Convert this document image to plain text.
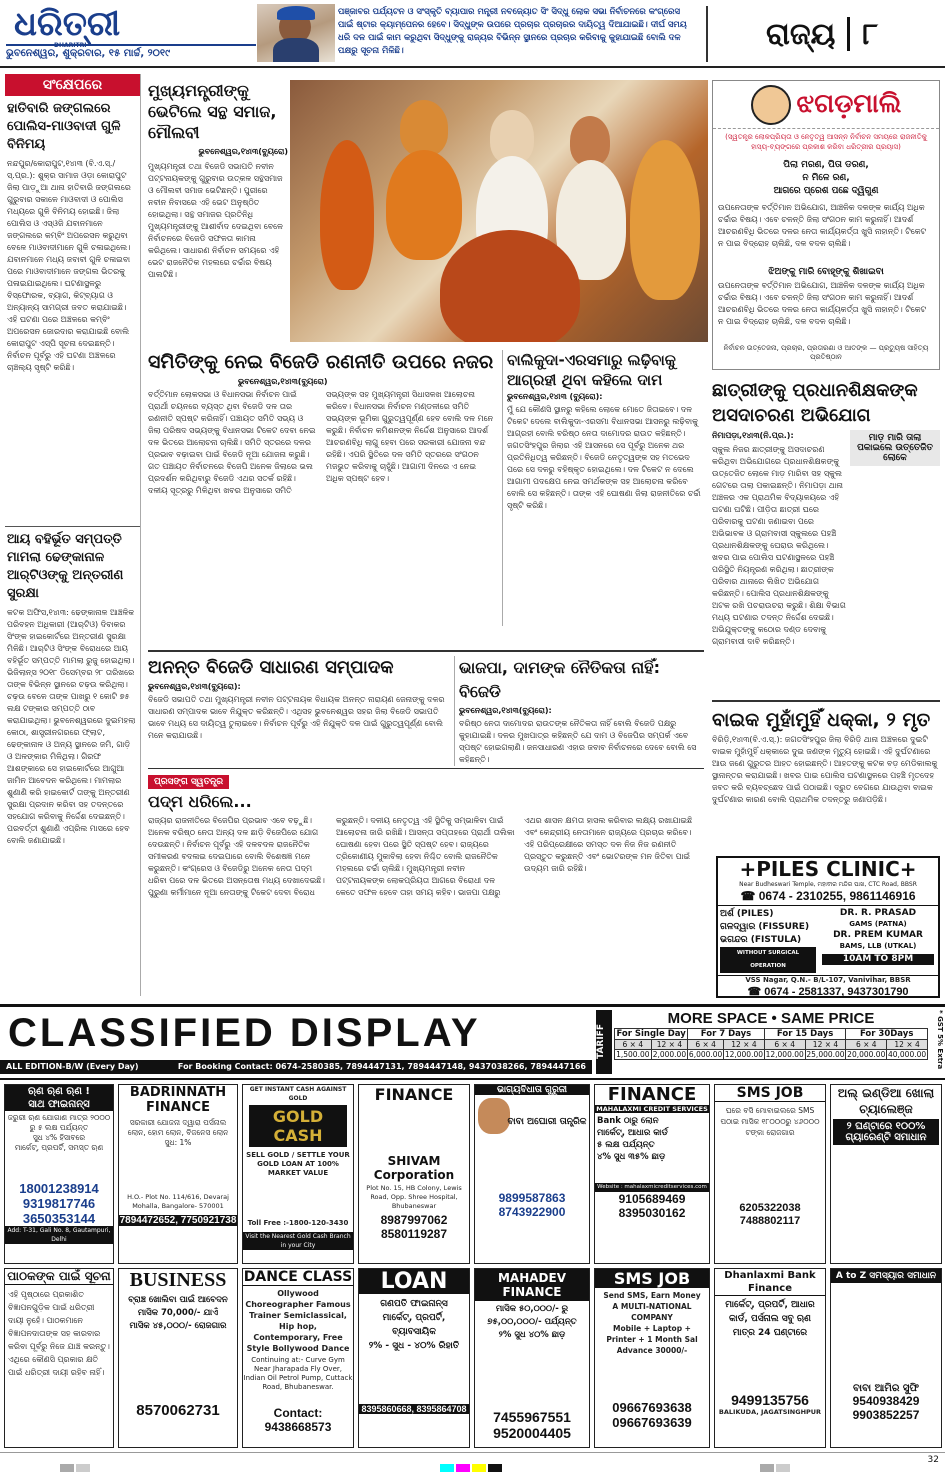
ଧରିତ୍ରୀ
DHARITRI
ଭୁବନେଶ୍ୱର, ଶୁକ୍ରବାର, ୧୫ ମାର୍ଚ୍ଚ, ୨୦୧୯
ପଞ୍ଜାବର ପର୍ଯ୍ୟଟନ ଓ ସଂସ୍କୃତି ବ୍ୟାପାର ମନ୍ତ୍ରୀ ନବଜ୍ୟୋତ ସିଂ ସିଦ୍ଧୁ ଲୋକ ସଭା ନିର୍ବାଚନରେ କଂଗ୍ରେସ ପାଇଁ ଷ୍ଟାର କ୍ୟାମ୍ପେନର ହେବେ। ସିଦ୍ଧୁଙ୍କ ଉପରେ ପ୍ରଚାର ପ୍ରଚାରର ଦାୟିତ୍ୱ ଦିଆଯାଇଛି। ଦୀର୍ଘ ସମୟ ଧରି ଦଳ ପାଇଁ କାମ କରୁଥିବା ସିଦ୍ଧୁଙ୍କୁ ରାଜ୍ୟର ବିଭିନ୍ନ ସ୍ଥାନରେ ପ୍ରଚାର କରିବାକୁ କୁହାଯାଇଛି ବୋଲି ଦଳ ପକ୍ଷରୁ ସୂଚନା ମିଳିଛି।	ରାଜ୍ୟ ୮
ସଂକ୍ଷେପରେ
ହାତିବାରି ଜଙ୍ଗଲରେ ପୋଲିସ-ମାଓବାଦୀ ଗୁଳି ବିନିମୟ
ନନ୍ଦପୁର/କୋରାପୁଟ,୧୪ା୩ (ବି.ଏ.ସ୍./ସ୍.ପ୍ର.): ଶୁକ୍ର ସାମାଜ ଓଡ଼ା କୋରାପୁଟ ଜିଲା ପାଡ଼ୁଆ ଥାନା ହାତିବାରି ଜଙ୍ଗଲରେ ଗୁରୁବାର ସକାଳେ ମାଓବାଦୀ ଓ ପୋଲିସ ମଧ୍ୟରେ ଗୁଳି ବିନିମୟ ହୋଇଛି। ଜିଲା ପୋଲିସ ଓ ଏସ୍‌ଓଜି ଯବାନମାନେ ଜଙ୍ଗଲରେ କମ୍ବିଂ ଅପରେସନ କରୁଥିବା ବେଳେ ମାଓବାଦୀମାନେ ଗୁଳି ଚଳାଇଥିଲେ। ଯବାନମାନେ ମଧ୍ୟ ଜବାବୀ ଗୁଳି ଚଳାଇବା ପରେ ମାଓବାଦୀମାନେ ଜଙ୍ଗଲ ଭିତରକୁ ପଳାଇଯାଇଥିଲେ। ଘଟଣାସ୍ଥଳରୁ ବିସ୍ଫୋରକ, ବ୍ୟାଗ, କିଟ୍‌ବ୍ୟାଗ ଓ ଅନ୍ୟାନ୍ୟ ସାମଗ୍ରୀ ଜବତ କରାଯାଇଛି। ଏହି ଘଟଣା ପରେ ଅଞ୍ଚଳରେ କମ୍ବିଂ ଅପରେସନ ଜୋରଦାର କରାଯାଇଛି ବୋଲି କୋରାପୁଟ ଏସ୍‌ପି ସୂଚନା ଦେଇଛନ୍ତି। ନିର୍ବାଚନ ପୂର୍ବରୁ ଏହି ଘଟଣା ଅଞ୍ଚଳରେ ଚାଞ୍ଚଲ୍ୟ ସୃଷ୍ଟି କରିଛି।
ଆୟ ବହିର୍ଭୂତ ସମ୍ପତ୍ତି ମାମଲା ଢେଙ୍କାନାଳ ଆର୍‌ଟିଓଙ୍କୁ ଅନ୍ତରୀଣ ସୁରକ୍ଷା
କଟକ ଅଫିସ,୧୪ା୩: ଢେଙ୍କାନାଳ ଆଞ୍ଚଳିକ ପରିବହନ ଅଧିକାରୀ (ଆର୍‌ଟିଓ) ଦିବାକର ସିଂଙ୍କ ହାଇକୋର୍ଟରେ ଅନ୍ତରୀଣ ସୁରକ୍ଷା ମିଳିଛି। ଆର୍‌ଟିଓ ସିଂଙ୍କ ବିରୋଧରେ ଆୟ ବହିର୍ଭୂତ ସମ୍ପତ୍ତି ମାମଲା ରୁଜୁ ହୋଇଥିଲା। ଭିଜିଲାନ୍ସ ୨୦୧୮ ଡିସେମ୍ବର ୨୮ ତାରିଖରେ ତାଙ୍କ ବିଭିନ୍ନ ସ୍ଥାନରେ ଚଢ଼ଉ କରିଥିଲା। ଚଢ଼ଉ ବେଳେ ତାଙ୍କ ପାଖରୁ ୧ କୋଟି ୭୫ ଲକ୍ଷ ଟଙ୍କାର ସମ୍ପତ୍ତି ଠାବ କରାଯାଇଥିଲା। ଭୁବନେଶ୍ୱରରେ ଦୁଇମହଲା କୋଠା, ଶାସ୍ତ୍ରୀନଗରରେ ଫ୍ଲାଟ, ଢେଙ୍କାନାଳ ଓ ଅନ୍ୟ ସ୍ଥାନରେ ଜମି, ଗାଡ଼ି ଓ ଅଳଙ୍କାର ମିଳିଥିଲା। ଗିରଫ ଆଶଙ୍କାରେ ସେ ହାଇକୋର୍ଟରେ ଆଗୁଆ ଜାମିନ ଆବେଦନ କରିଥିଲେ। ମାମଲାର ଶୁଣାଣି କରି ହାଇକୋର୍ଟ ତାଙ୍କୁ ଅନ୍ତରୀଣ ସୁରକ୍ଷା ପ୍ରଦାନ କରିବା ସହ ତଦନ୍ତରେ ସହଯୋଗ କରିବାକୁ ନିର୍ଦ୍ଦେଶ ଦେଇଛନ୍ତି। ପରବର୍ତ୍ତୀ ଶୁଣାଣି ଏପ୍ରିଲ ମାସରେ ହେବ ବୋଲି ଜଣାଯାଇଛି।
ମୁଖ୍ୟମନ୍ତ୍ରୀଙ୍କୁ ଭେଟିଲେ ସନ୍ଥ ସମାଜ, ମୌଲବୀ
ଭୁବନେଶ୍ୱର,୧୪ା୩(ବ୍ୟୁରୋ)
ମୁଖ୍ୟମନ୍ତ୍ରୀ ତଥା ବିଜେଡି ସଭାପତି ନବୀନ ପଟ୍ଟନାୟକଙ୍କୁ ଗୁରୁବାର ଉତ୍କଳ ସନ୍ଥସମାଜ ଓ ମୌଲବୀ ସମାଜ ଭେଟିଛନ୍ତି। ପୁରୀରେ ନବୀନ ନିବାସରେ ଏହି ଭେଟ ଅନୁଷ୍ଠିତ ହୋଇଥିଲା। ସନ୍ଥ ସମାଜର ପ୍ରତିନିଧି ମୁଖ୍ୟମନ୍ତ୍ରୀଙ୍କୁ ଆଶୀର୍ବାଦ ଦେଇଥିବା ବେଳେ ନିର୍ବାଚନରେ ବିଜେଡି ସଫଳତା କାମନା କରିଥିଲେ। ସାଧାରଣ ନିର୍ବାଚନ ସମୟରେ ଏହି ଭେଟ ରାଜନୈତିକ ମହଲରେ ଚର୍ଚ୍ଚାର ବିଷୟ ପାଲଟିଛି।
ଝଗଡ଼ମାଲି
(ସ୍ୱତନ୍ତ୍ର ଲୋକପ୍ରିୟତା ଓ ନେତୃତ୍ୱ ଆସନ୍ନ ନିର୍ବାଚନ ସମୟରେ ରାଜନୀତିକୁ ହାସ୍ୟ-ବ୍ୟଙ୍ଗରେ ପ୍ରକାଶ କରିବା ଧରିତ୍ରୀର ପ୍ରୟାସ)
ପିଲା ମରଣ, ପିତା ଡରଣ,
ନ ମିଳେ ରଣ,
ଆଗରେ ପ୍ରେଶ ପଛେ ଦ୍ୱିଗୁଣ
ଉପନେତାଙ୍କ ବର୍ତ୍ତିମାନ ଅଭିଯୋଗ, ଆଞ୍ଚଳିକ ଦଳଙ୍କ କାର୍ଯ୍ୟ ଅଧିକ ଚର୍ଚ୍ଚାର ବିଷୟ। ଏବେ ଚଳନ୍ତି ଜିଲା ସଂଗଠନ କାମ କରୁନାହିଁ। ଆଦର୍ଶ ଆଚରଣବିଧି ଭିତରେ ଦଳର ନେତା କାର୍ଯ୍ୟକର୍ତ୍ତା ଖୁସି ନାହାନ୍ତି। ଟିକେଟ ନ ପାଇ ବିଦ୍ରୋହ ଚାଲିଛି, ଦଳ ବଦଳ ଚାଲିଛି।
ଝିଅଙ୍କୁ ମାରି ବୋହୂଙ୍କୁ ଶିଖାଇବା
ଉପନେତାଙ୍କ ବର୍ତ୍ତିମାନ ଅଭିଯୋଗ, ଆଞ୍ଚଳିକ ଦଳଙ୍କ କାର୍ଯ୍ୟ ଅଧିକ ଚର୍ଚ୍ଚାର ବିଷୟ। ଏବେ ଚଳନ୍ତି ଜିଲା ସଂଗଠନ କାମ କରୁନାହିଁ। ଆଦର୍ଶ ଆଚରଣବିଧି ଭିତରେ ଦଳର ନେତା କାର୍ଯ୍ୟକର୍ତ୍ତା ଖୁସି ନାହାନ୍ତି। ଟିକେଟ ନ ପାଇ ବିଦ୍ରୋହ ଚାଲିଛି, ଦଳ ବଦଳ ଚାଲିଛି।
ନିର୍ବାଚନ ଉତ୍ତେଜନା, ପ୍ରଚାର, ପ୍ରତାରଣା ଓ ଆତଙ୍କ — ପ୍ରତ୍ୟୁଷ ସାହିତ୍ୟ ପ୍ରତିଷ୍ଠାନ
ସମିତିଙ୍କୁ ନେଇ ବିଜେଡି ରଣନୀତି ଉପରେ ନଜର
ଭୁବନେଶ୍ୱର,୧୪ା୩(ବ୍ୟୁରୋ)
ବର୍ତ୍ତିମାନ ଲୋକସଭା ଓ ବିଧାନସଭା ନିର୍ବାଚନ ପାଇଁ ପ୍ରାର୍ଥୀ ଚୟନରେ ବ୍ୟସ୍ତ ଥିବା ବିଜେଡି ଦଳ ତାର ରଣନୀତି ସ୍ପଷ୍ଟ କରିନାହିଁ। ପଞ୍ଚାୟତ ସମିତି ସଭ୍ୟ ଓ ଜିଲା ପରିଷଦ ସଭ୍ୟଙ୍କୁ ବିଧାନସଭା ଟିକେଟ ଦେବା ନେଇ ଦଳ ଭିତରେ ଆଲୋଚନା ଚାଲିଛି। ସମିତି ସ୍ତରରେ ଦଳର ପ୍ରଭାବ ବଢ଼ାଇବା ପାଇଁ ବିଜେଡି ନୂଆ ଯୋଜନା କରୁଛି। ଗତ ପଞ୍ଚାୟତ ନିର୍ବାଚନରେ ବିଜେପି ଅନେକ ଜିଲାରେ ଭଲ ପ୍ରଦର୍ଶନ କରିଥିବାରୁ ବିଜେଡି ଏଥର ସତର୍କ ରହିଛି। ଦଳୀୟ ସୂତ୍ରରୁ ମିଳିଥିବା ଖବର ଅନୁସାରେ ସମିତି ସଭ୍ୟଙ୍କ ସହ ମୁଖ୍ୟମନ୍ତ୍ରୀ ସିଧାସଳଖ ଆଲୋଚନା କରିବେ। ବିଧାନସଭା ନିର୍ବାଚନ ମଣ୍ଡଳୀରେ ସମିତି ସଭ୍ୟଙ୍କ ଭୂମିକା ଗୁରୁତ୍ୱପୂର୍ଣ୍ଣ ହେବ ବୋଲି ଦଳ ମନେ କରୁଛି। ନିର୍ବାଚନ କମିଶନଙ୍କ ନିର୍ଦ୍ଦେଶ ଅନୁସାରେ ଆଦର୍ଶ ଆଚରଣବିଧି ଲାଗୁ ହେବା ପରେ ସରକାରୀ ଯୋଜନା ବନ୍ଦ ରହିଛି। ଏପରି ସ୍ଥିତିରେ ଦଳ ସମିତି ସ୍ତରରେ ସଂଗଠନ ମଜଭୁତ କରିବାକୁ ଚାହୁଁଛି। ଆଗାମୀ ଦିନରେ ଏ ନେଇ ଅଧିକ ସ୍ପଷ୍ଟ ହେବ।
ବାଲିକୁଦା-ଏରସମାରୁ ଲଢ଼ିବାକୁ ଆଗ୍ରହୀ ଥିବା କହିଲେ ଦାମ
ଭୁବନେଶ୍ୱର,୧୪ା୩ (ବ୍ୟୁରୋ):
ମୁଁ ଯେ କୌଣସି ସ୍ଥାନରୁ କହିଲେ ଲୋକେ ମୋତେ ଜିତାଇବେ। ଦଳ ଟିକେଟ ଦେଲେ ବାଲିକୁଦା-ଏରସମା ବିଧାନସଭା ଆସନରୁ ଲଢ଼ିବାକୁ ଆଗ୍ରହୀ ବୋଲି ବରିଷ୍ଠ ନେତା ଦାମୋଦର ରାଉତ କହିଛନ୍ତି। ଜଗତସିଂହପୁର ଜିଲାର ଏହି ଆସନରେ ସେ ପୂର୍ବରୁ ଅନେକ ଥର ପ୍ରତିନିଧିତ୍ୱ କରିଛନ୍ତି। ବିଜେଡି ନେତୃତ୍ୱଙ୍କ ସହ ମତଭେଦ ପରେ ସେ ଦଳରୁ ବହିଷ୍କୃତ ହୋଇଥିଲେ। ଦଳ ଟିକେଟ ନ ଦେଲେ ଆଗାମୀ ପଦକ୍ଷେପ ନେଇ ସମର୍ଥକଙ୍କ ସହ ଆଲୋଚନା କରିବେ ବୋଲି ସେ କହିଛନ୍ତି। ତାଙ୍କ ଏହି ଘୋଷଣା ଜିଲା ରାଜନୀତିରେ ଚର୍ଚ୍ଚା ସୃଷ୍ଟି କରିଛି।
ଛାତ୍ରୀଙ୍କୁ ପ୍ରଧାନଶିକ୍ଷକଙ୍କ ଅସଦାଚରଣ ଅଭିଯୋଗ
ନିମାପଡ଼ା,୧୪ା୩(ନି.ପ୍ର.):	ମାଡ଼ ମାରି ତାଲା ପକାଇଲେ ଉତ୍ତେଜିତ ଲୋକେ
ସ୍କୁଲ ନିଜର ଛାତ୍ରୀଙ୍କୁ ଅସଦାଚରଣ କରିଥିବା ଅଭିଯୋଗରେ ପ୍ରଧାନଶିକ୍ଷକଙ୍କୁ ଉତ୍ତେଜିତ ଲୋକେ ମାଡ଼ ମାରିବା ସହ ସ୍କୁଲ ଗେଟରେ ତାଲା ପକାଇଛନ୍ତି। ନିମାପଡ଼ା ଥାନା ଅଞ୍ଚଳର ଏକ ପ୍ରାଥମିକ ବିଦ୍ୟାଳୟରେ ଏହି ଘଟଣା ଘଟିଛି। ପୀଡ଼ିତା ଛାତ୍ରୀ ଘରେ ପରିବାରକୁ ଘଟଣା ଜଣାଇବା ପରେ ଅଭିଭାବକ ଓ ଗ୍ରାମବାସୀ ସ୍କୁଲରେ ପହଞ୍ଚି ପ୍ରଧାନଶିକ୍ଷକଙ୍କୁ ଘେରାଉ କରିଥିଲେ। ଖବର ପାଇ ପୋଲିସ ଘଟଣାସ୍ଥଳରେ ପହଞ୍ଚି ପରିସ୍ଥିତି ନିୟନ୍ତ୍ରଣ କରିଥିଲା। ଛାତ୍ରୀଙ୍କ ପରିବାର ଥାନାରେ ଲିଖିତ ଅଭିଯୋଗ କରିଛନ୍ତି। ପୋଲିସ ପ୍ରଧାନଶିକ୍ଷକଙ୍କୁ ଅଟକ ରଖି ପଚରାଉଚରା କରୁଛି। ଶିକ୍ଷା ବିଭାଗ ମଧ୍ୟ ଘଟଣାର ତଦନ୍ତ ନିର୍ଦ୍ଦେଶ ଦେଇଛି। ଅଭିଯୁକ୍ତଙ୍କୁ କଠୋର ଦଣ୍ଡ ଦେବାକୁ ଗ୍ରାମବାସୀ ଦାବି କରିଛନ୍ତି।
ଅନନ୍ତ ବିଜେଡି ସାଧାରଣ ସମ୍ପାଦକ
ଭୁବନେଶ୍ୱର,୧୪ା୩(ବ୍ୟୁରୋ):
ବିଜେଡି ସଭାପତି ତଥା ମୁଖ୍ୟମନ୍ତ୍ରୀ ନବୀନ ପଟ୍ଟନାୟକ ବିଧାୟକ ଅନନ୍ତ ନାରାୟଣ ଜେନାଙ୍କୁ ଦଳର ସାଧାରଣ ସମ୍ପାଦକ ଭାବେ ନିଯୁକ୍ତ କରିଛନ୍ତି। ଏଥିସହ ଭୁବନେଶ୍ୱର ସହର ଜିଲା ବିଜେଡି ସଭାପତି ଭାବେ ମଧ୍ୟ ସେ ଦାୟିତ୍ୱ ତୁଲାଇବେ। ନିର୍ବାଚନ ପୂର୍ବରୁ ଏହି ନିଯୁକ୍ତି ଦଳ ପାଇଁ ଗୁରୁତ୍ୱପୂର୍ଣ୍ଣ ବୋଲି ମନେ କରାଯାଉଛି।
ଭାଜପା, ଦାମଙ୍କ ନୈତିକତା ନାହିଁ: ବିଜେଡି
ଭୁବନେଶ୍ୱର,୧୪ା୩(ବ୍ୟୁରୋ):
ବରିଷ୍ଠ ନେତା ଦାମୋଦର ରାଉତଙ୍କ ନୈତିକତା ନାହିଁ ବୋଲି ବିଜେଡି ପକ୍ଷରୁ କୁହାଯାଇଛି। ଦଳର ମୁଖପାତ୍ର କହିଛନ୍ତି ଯେ ଦାମ ଓ ବିଜେପିର ସମ୍ପର୍କ ଏବେ ସ୍ପଷ୍ଟ ହୋଇଗଲାଣି। ଜନସାଧାରଣ ଏହାର ଜବାବ ନିର୍ବାଚନରେ ଦେବେ ବୋଲି ସେ କହିଛନ୍ତି।
ପ୍ରସଙ୍ଗ ସ୍ୱତନ୍ତ୍ର
ପଦ୍ମ ଧରିଲେ...
ରାଜ୍ୟର ରାଜନୀତିରେ ବିଜେପିର ପ୍ରଭାବ ଏବେ ବଢ଼ୁଛି। ଅନେକ ବରିଷ୍ଠ ନେତା ଅନ୍ୟ ଦଳ ଛାଡ଼ି ବିଜେପିରେ ଯୋଗ ଦେଉଛନ୍ତି। ନିର୍ବାଚନ ପୂର୍ବରୁ ଏହି ଦଳବଦଳ ରାଜନୈତିକ ସମୀକରଣ ବଦଳାଇ ଦେଇପାରେ ବୋଲି ବିଶେଷଜ୍ଞ ମନେ କରୁଛନ୍ତି। କଂଗ୍ରେସ ଓ ବିଜେଡିରୁ ଅନେକ ନେତା ପଦ୍ମ ଧରିବା ପରେ ଦଳ ଭିତରେ ଅସନ୍ତୋଷ ମଧ୍ୟ ଦେଖାଦେଇଛି। ପୁରୁଣା କର୍ମୀମାନେ ନୂଆ ନେତାଙ୍କୁ ଟିକେଟ ଦେବା ବିରୋଧ କରୁଛନ୍ତି। ଦଳୀୟ ନେତୃତ୍ୱ ଏହି ସ୍ଥିତିକୁ ସମ୍ଭାଳିବା ପାଇଁ ଆଲୋଚନା ଜାରି ରଖିଛି। ଆସନ୍ତା ସପ୍ତାହରେ ପ୍ରାର୍ଥୀ ତାଲିକା ଘୋଷଣା ହେବା ପରେ ସ୍ଥିତି ସ୍ପଷ୍ଟ ହେବ। ରାଜ୍ୟରେ ତ୍ରିକୋଣୀୟ ମୁକାବିଲା ହେବା ନିଶ୍ଚିତ ବୋଲି ରାଜନୈତିକ ମହଲରେ ଚର୍ଚ୍ଚା ଚାଲିଛି। ମୁଖ୍ୟମନ୍ତ୍ରୀ ନବୀନ ପଟ୍ଟନାୟକଙ୍କ ଲୋକପ୍ରିୟତା ଆଗରେ ବିରୋଧୀ ଦଳ କେତେ ସଫଳ ହେବେ ତାହା ସମୟ କହିବ। ଭାଜପା ପକ୍ଷରୁ ଏଥର ଶାସନ କ୍ଷମତା ହାସଲ କରିବାର ଲକ୍ଷ୍ୟ ରଖାଯାଇଛି ଏବଂ କେନ୍ଦ୍ରୀୟ ନେତାମାନେ ରାଜ୍ୟରେ ପ୍ରଚାର କରିବେ। ଏହି ପରିପ୍ରେକ୍ଷୀରେ ସମସ୍ତ ଦଳ ନିଜ ନିଜ ରଣନୀତି ପ୍ରସ୍ତୁତ କରୁଛନ୍ତି ଏବଂ ଭୋଟରଙ୍କ ମନ ଜିତିବା ପାଇଁ ଉଦ୍ୟମ ଜାରି ରହିଛି।
ବାଇକ ମୁହାଁମୁହିଁ ଧକ୍କା, ୨ ମୃତ
ବିରିଡ଼ି,୧୪ା୩(ବି.ଏ.ସ୍.): ଜଗତସିଂହପୁର ଜିଲା ବିରିଡ଼ି ଥାନା ଅଞ୍ଚଳରେ ଦୁଇଟି ବାଇକ ମୁହାଁମୁହିଁ ଧକ୍କାରେ ଦୁଇ ଜଣଙ୍କ ମୃତ୍ୟୁ ହୋଇଛି। ଏହି ଦୁର୍ଘଟଣାରେ ଆଉ ଜଣେ ଗୁରୁତର ଆହତ ହୋଇଛନ୍ତି। ଆହତଙ୍କୁ କଟକ ବଡ଼ ମେଡିକାଲକୁ ସ୍ଥାନାନ୍ତର କରାଯାଇଛି। ଖବର ପାଇ ପୋଲିସ ଘଟଣାସ୍ଥଳରେ ପହଞ୍ଚି ମୃତଦେହ ଜବତ କରି ବ୍ୟବଚ୍ଛେଦ ପାଇଁ ପଠାଇଛି। ଦ୍ରୁତ ବେଗରେ ଯାଉଥିବା ବାଇକ ଦୁର୍ଘଟଣାର କାରଣ ବୋଲି ପ୍ରାଥମିକ ତଦନ୍ତରୁ ଜଣାପଡ଼ିଛି।
+PILES CLINIC+
Near Budheswari Temple, ମହାବୀର ମନ୍ଦିର ପାଖ, CTC Road, BBSR
☎ 0674 - 2310255, 9861146916
ଅର୍ଶ (PILES)
ଗଳଦ୍ୱାର (FISSURE)
ଭଗନ୍ଦର (FISTULA)
WITHOUT SURGICAL OPERATION
DR. R. PRASAD
GAMS (PATNA)
DR. PREM KUMAR
BAMS, LLB (UTKAL)
10AM TO 8PM
VSS Nagar, Q.N.- B/L-107, Vanivihar, BBSR
☎ 0674 - 2581337, 9437301790
CLASSIFIED DISPLAY
ALL EDITION-B/W (Every Day)	For Booking Contact: 0674-2580385, 7894447131, 7894447148, 9437038266, 7894447166
TARIFF
MORE SPACE • SAME PRICE
For Single Day		For 7 Days		For 15 Days		For 30Days	
6 × 4	12 × 4	6 × 4	12 × 4	6 × 4	12 × 4	6 × 4	12 × 4
1,500.00	2,000.00	6,000.00	12,000.00	12,000.00	25,000.00	20,000.00	40,000.00	* GST 5% Extra
ଋଣ ଋଣ ଋଣ !
ସାଥ ଫାଇନାନ୍ସ
ଜରୁରୀ ଋଣ ଯୋଗାଣ ମାତ୍ର ୨୦୦୦ ରୁ ୫ ଲକ୍ଷ ପର୍ଯ୍ୟନ୍ତ
ସୁଧ ୪% ହିସାବରେ
ମାର୍କେଟ୍, ପ୍ରପର୍ଟି, ସମସ୍ତ ଋଣ
18001238914
9319817746
3650353144
Add: T-31, Gali No. 8, Gautampuri, Delhi
BADRINNATH FINANCE
ସରକାରୀ ଯୋଜନା ଦ୍ୱାରା ପର୍ସନାଲ ଲୋନ, ହୋମ ଲୋନ, ବିଜନେସ ଲୋନ ସୁଧ: 1%
H.O.- Plot No. 114/616, Devaraj Mohalla, Bangalore- 570001
7894472652, 7750921738
GET INSTANT CASH AGAINST GOLD
GOLD CASH
SELL GOLD / SETTLE YOUR GOLD LOAN AT 100% MARKET VALUE
Toll Free :-1800-120-3430
Visit the Nearest Gold Cash Branch in your City
FINANCE
SHIVAM Corporation
Plot No. 15, HB Colony, Lewis Road, Opp. Shree Hospital, Bhubaneswar
8987997062
8580119287
ଭାଗ୍ୟବିଧାତା ଗୁରୁଜୀ
ବାବା ଅଘୋରୀ ତାନ୍ତ୍ରିକ
9899587863
8743922900
FINANCE
MAHALAXMI CREDIT SERVICES
Bank ଠାରୁ ଲୋନ
ମାର୍କେଟ୍, ଆଧାର କାର୍ଡ
୫ ଲକ୍ଷ ପର୍ଯ୍ୟନ୍ତ
୪% ସୁଧ ୩୫% ଛାଡ଼
Website : mahalaxmicreditservices.com
9105689469
8395030162
SMS JOB
ଘରେ ବସି ମୋବାଇଲରେ SMS ପଠାଇ ମାସିକ ୧୮୦୦୦ରୁ ୪୬୦୦୦ ଟଙ୍କା ରୋଜଗାର
6205322038
7488802117
ଅଲ୍ ଇଣ୍ଡିଆ ଖୋଲା ଚ୍ୟାଲେଞ୍ଜ
୨ ଘଣ୍ଟାରେ ୧୦୦% ଗ୍ୟାରେଣ୍ଟି ସମାଧାନ
ପାଠକଙ୍କ ପାଇଁ ସୂଚନା
ଏହି ପୃଷ୍ଠାରେ ପ୍ରକାଶିତ ବିଜ୍ଞାପନଗୁଡ଼ିକ ପାଇଁ ଧରିତ୍ରୀ ଦାୟୀ ନୁହେଁ। ପାଠକମାନେ ବିଜ୍ଞାପନଦାତାଙ୍କ ସହ କାରବାର କରିବା ପୂର୍ବରୁ ନିଜେ ଯାଞ୍ଚ କରନ୍ତୁ। ଏଥିରେ କୌଣସି ପ୍ରକାର କ୍ଷତି ପାଇଁ ଧରିତ୍ରୀ ଦାୟୀ ରହିବ ନାହିଁ।
BUSINESS
ବ୍ରାଞ୍ଚ ଖୋଲିବା ପାଇଁ ଆବେଦନ
ମାସିକ 70,000/- ଯାଏଁ
ମାସିକ ୪୫,୦୦୦/- ରୋଜଗାର
8570062731
DANCE CLASS
Ollywood Choreographer Famous Trainer Semiclassical, Hip hop, Contemporary, Free Style Bollywood Dance
Continuing at:- Curve Gym Near Jharapada Fly Over, Indian Oil Petrol Pump, Cuttack Road, Bhubaneswar.
Contact:
9438668573
LOAN
ଗଣପତି ଫାଇନାନ୍ସ
ମାର୍କେଟ୍, ପ୍ରପର୍ଟି, ବ୍ୟାବସାୟିକ
୨% - ସୁଧ - ୪୦% ରିହାତି
8395860668, 8395864708
MAHADEV FINANCE
ମାସିକ ୫୦,୦୦୦/- ରୁ ୭୫,୦୦,୦୦୦/- ପର୍ଯ୍ୟନ୍ତ
୨% ସୁଧ ୪୦% ଛାଡ଼
7455967551
9520004405
SMS JOB
Send SMS, Earn Money
A MULTI-NATIONAL COMPANY
Mobile + Laptop + Printer + 1 Month Sal Advance 30000/-
09667693638
09667693639
Dhanlaxmi Bank Finance
ମାର୍କେଟ୍, ପ୍ରପର୍ଟି, ଆଧାର କାର୍ଡ, ପର୍ସନାଲ ସବୁ ଋଣ
ମାତ୍ର 24 ଘଣ୍ଟାରେ
9499135756
BALIKUDA, JAGATSINGHPUR
A to Z ସମସ୍ୟାର ସମାଧାନ
ବାବା ଆମିର ସୁଫି
9540938429
9903852257
32
